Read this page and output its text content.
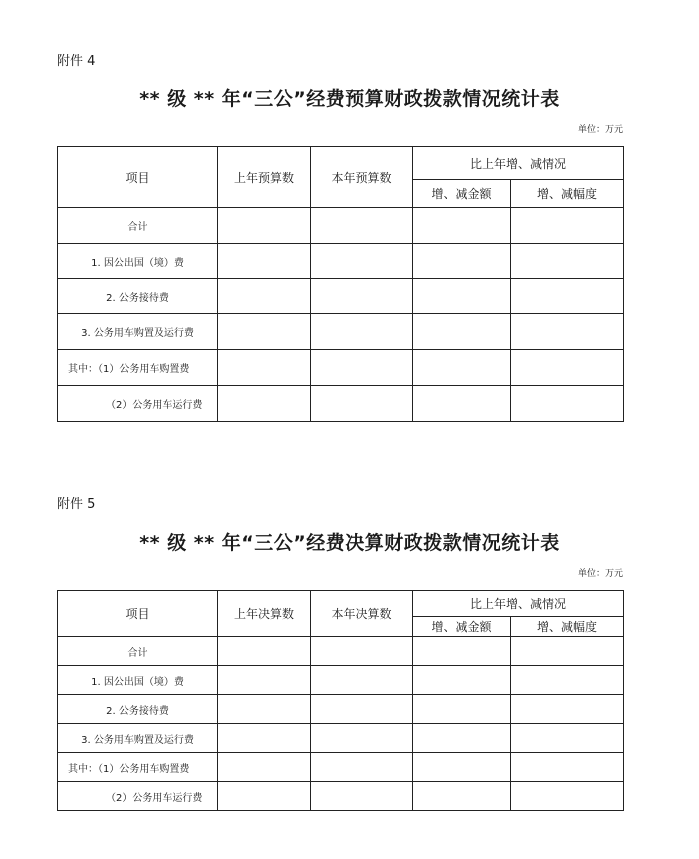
附件 4
** 级 ** 年“三公”经费预算财政拨款情况统计表
单位：万元
项目	上年预算数	本年预算数	比上年增、减情况	
			增、减金额	增、减幅度
合计				
1. 因公出国（境）费				
2. 公务接待费				
3. 公务用车购置及运行费				
其中：（1）公务用车购置费				
（2）公务用车运行费				
附件 5
** 级 ** 年“三公”经费决算财政拨款情况统计表
单位：万元
项目	上年决算数	本年决算数	比上年增、减情况	
			增、减金额	增、减幅度
合计				
1. 因公出国（境）费				
2. 公务接待费				
3. 公务用车购置及运行费				
其中：（1）公务用车购置费				
（2）公务用车运行费				
